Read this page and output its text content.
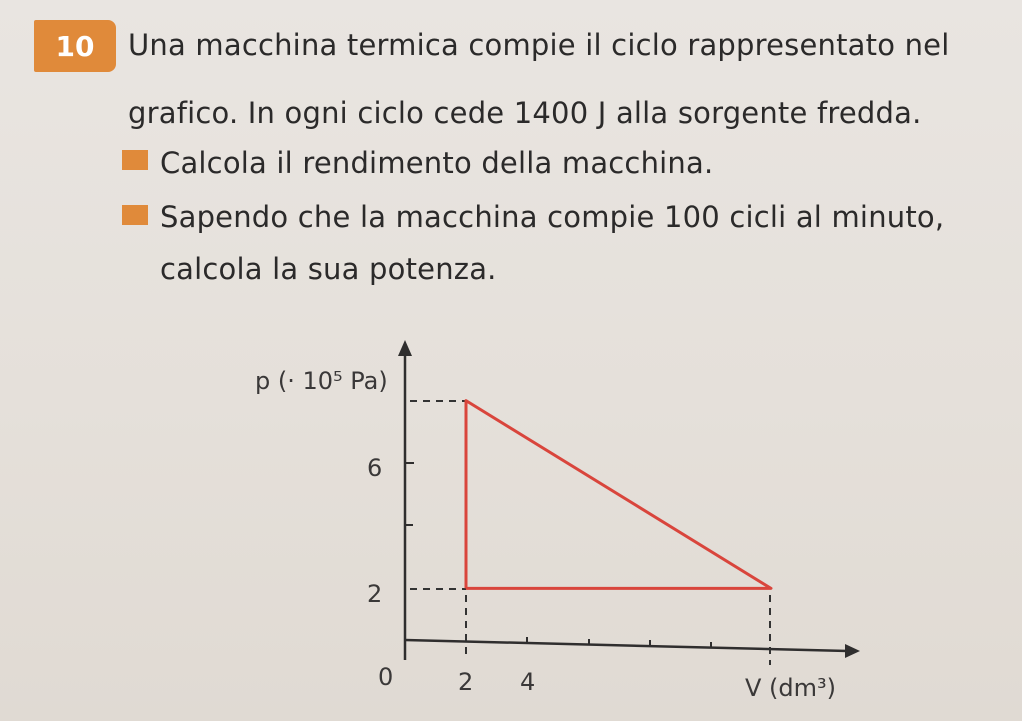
10	Una macchina termica compie il ciclo rappresentato nel
grafico. In ogni ciclo cede 1400 J alla sorgente fredda.
Calcola il rendimento della macchina.
Sapendo che la macchina compie 100 cicli al minuto,
calcola la sua potenza.
p (· 10⁵ Pa)
V (dm³)
0	2 4
2
6
